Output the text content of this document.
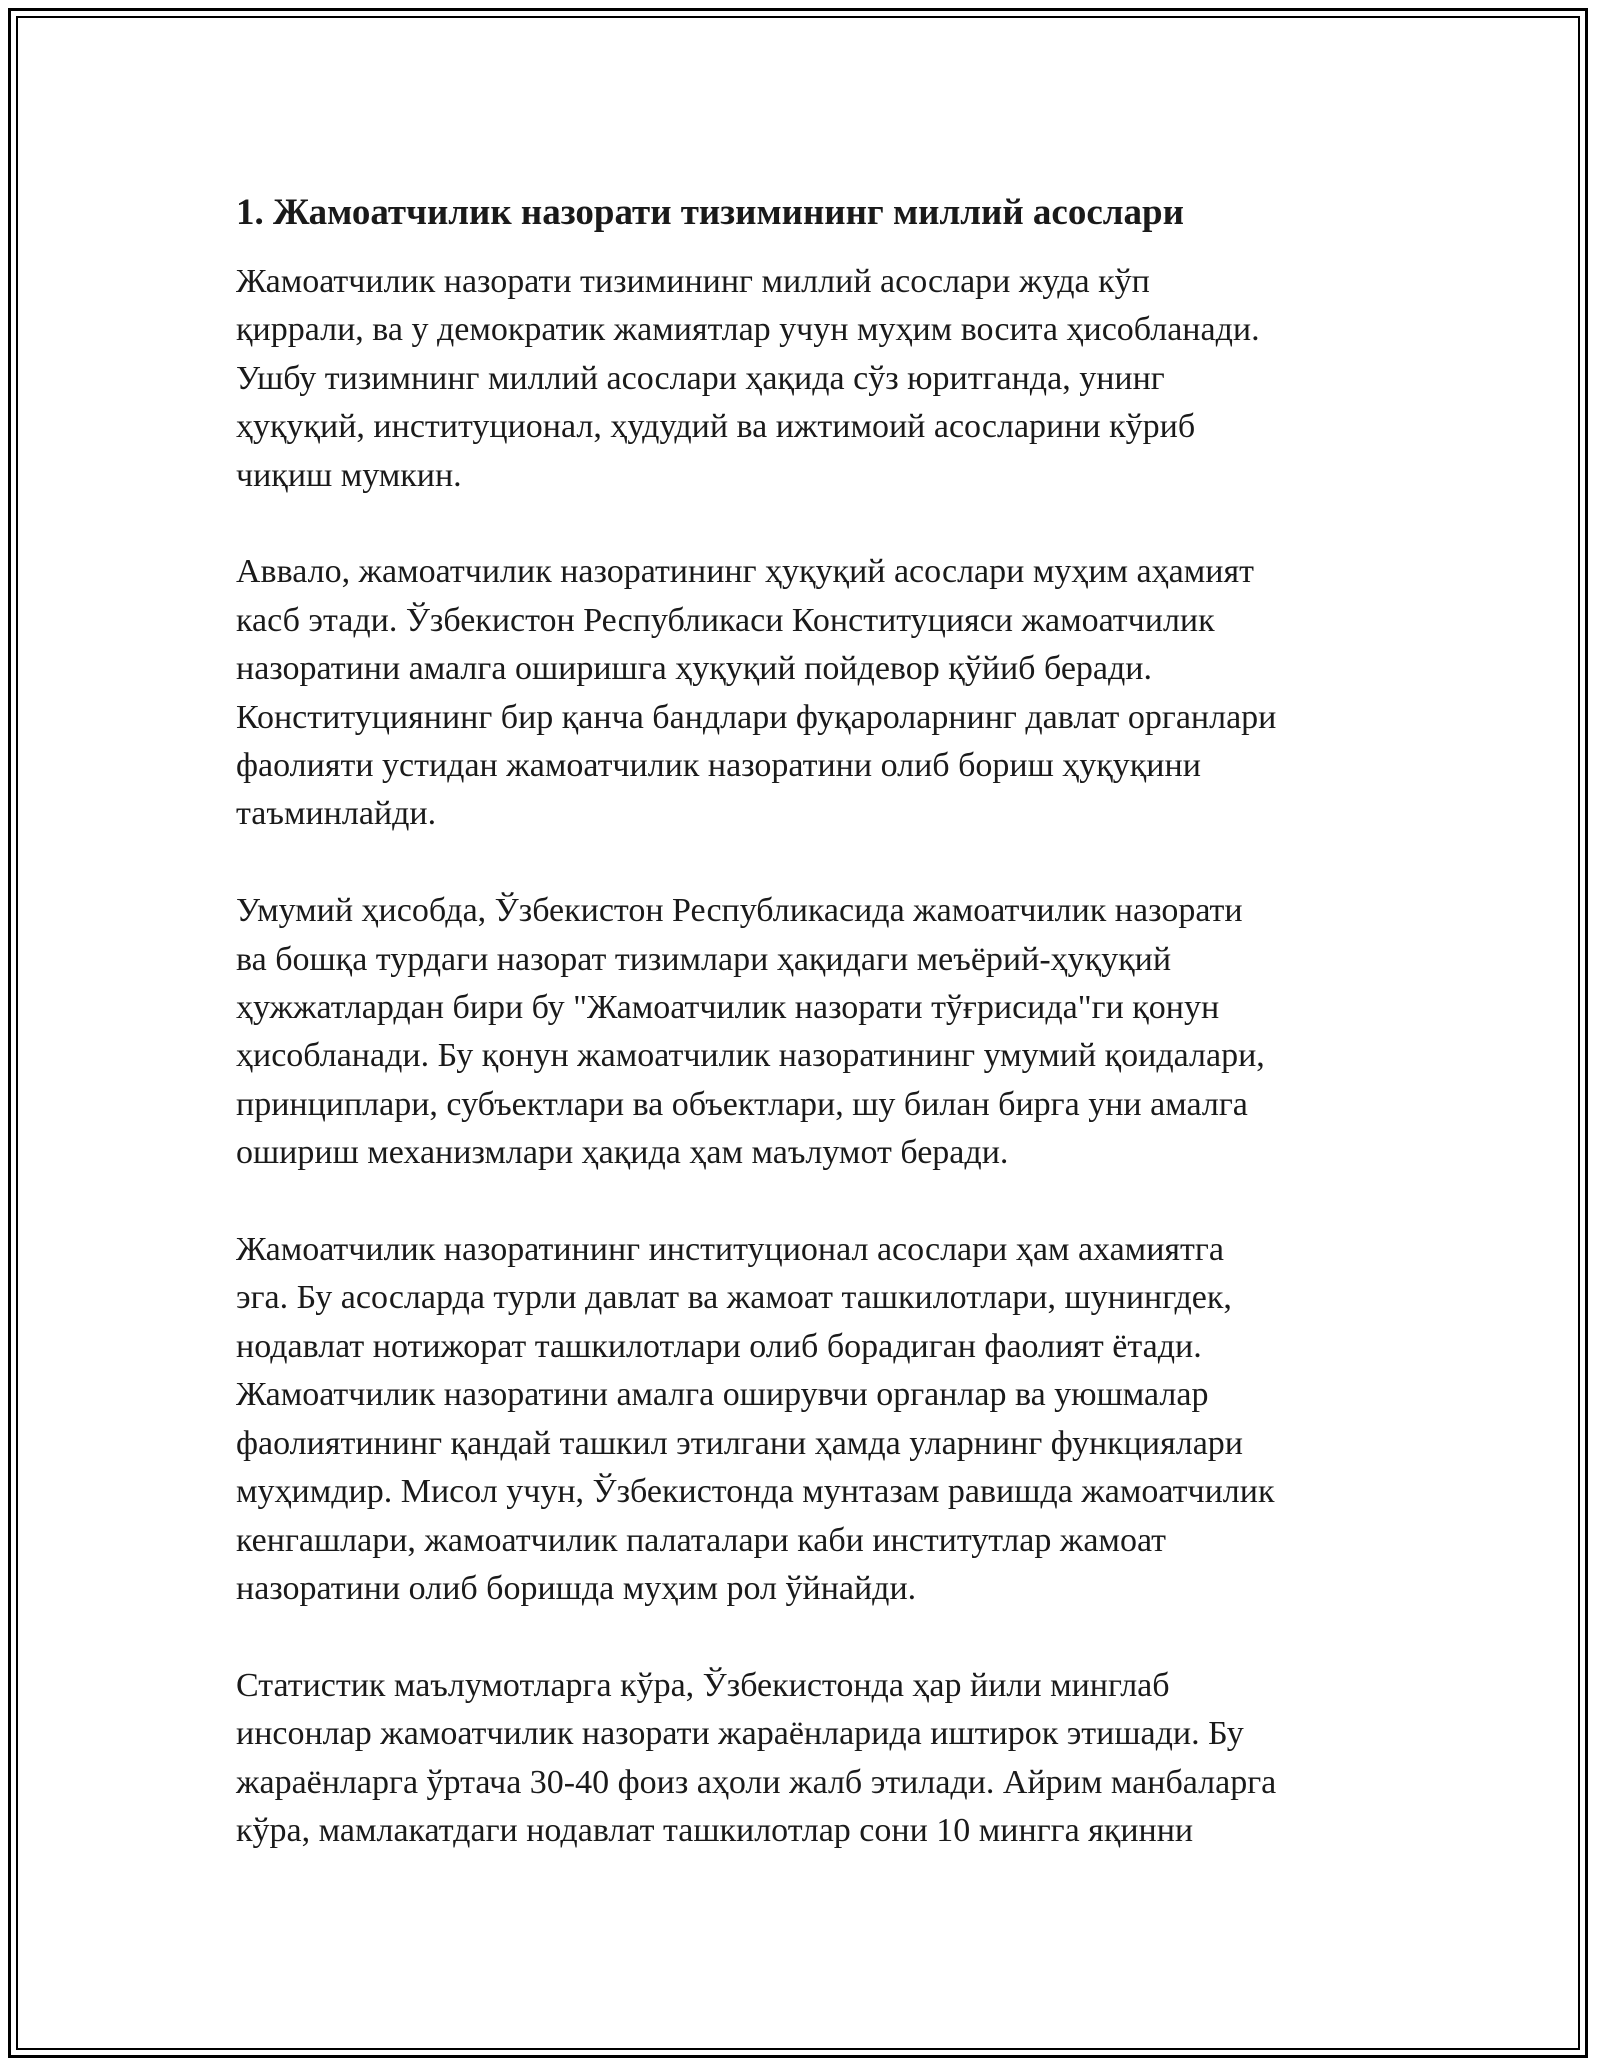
1. Жамоатчилик назорати тизимининг миллий асослари

Жамоатчилик назорати тизимининг миллий асослари жуда кўп
қиррали, ва у демократик жамиятлар учун муҳим восита ҳисобланади.
Ушбу тизимнинг миллий асослари ҳақида сўз юритганда, унинг
ҳуқуқий, институционал, ҳудудий ва ижтимоий асосларини кўриб
чиқиш мумкин.

Аввало, жамоатчилик назоратининг ҳуқуқий асослари муҳим аҳамият
касб этади. Ўзбекистон Республикаси Конституцияси жамоатчилик
назоратини амалга оширишга ҳуқуқий пойдевор қўйиб беради.
Конституциянинг бир қанча бандлари фуқароларнинг давлат органлари
фаолияти устидан жамоатчилик назоратини олиб бориш ҳуқуқини
таъминлайди.

Умумий ҳисобда, Ўзбекистон Республикасида жамоатчилик назорати
ва бошқа турдаги назорат тизимлари ҳақидаги меъёрий-ҳуқуқий
ҳужжатлардан бири бу "Жамоатчилик назорати тўғрисида"ги қонун
ҳисобланади. Бу қонун жамоатчилик назоратининг умумий қоидалари,
принциплари, субъектлари ва объектлари, шу билан бирга уни амалга
ошириш механизмлари ҳақида ҳам маълумот беради.

Жамоатчилик назоратининг институционал асослари ҳам ахамиятга
эга. Бу асосларда турли давлат ва жамоат ташкилотлари, шунингдек,
нодавлат нотижорат ташкилотлари олиб борадиган фаолият ётади.
Жамоатчилик назоратини амалга оширувчи органлар ва уюшмалар
фаолиятининг қандай ташкил этилгани ҳамда уларнинг функциялари
муҳимдир. Мисол учун, Ўзбекистонда мунтазам равишда жамоатчилик
кенгашлари, жамоатчилик палаталари каби институтлар жамоат
назоратини олиб боришда муҳим рол ўйнайди.

Статистик маълумотларга кўра, Ўзбекистонда ҳар йили минглаб
инсонлар жамоатчилик назорати жараёнларида иштирок этишади. Бу
жараёнларга ўртача 30-40 фоиз аҳоли жалб этилади. Айрим манбаларга
кўра, мамлакатдаги нодавлат ташкилотлар сони 10 мингга яқинни
